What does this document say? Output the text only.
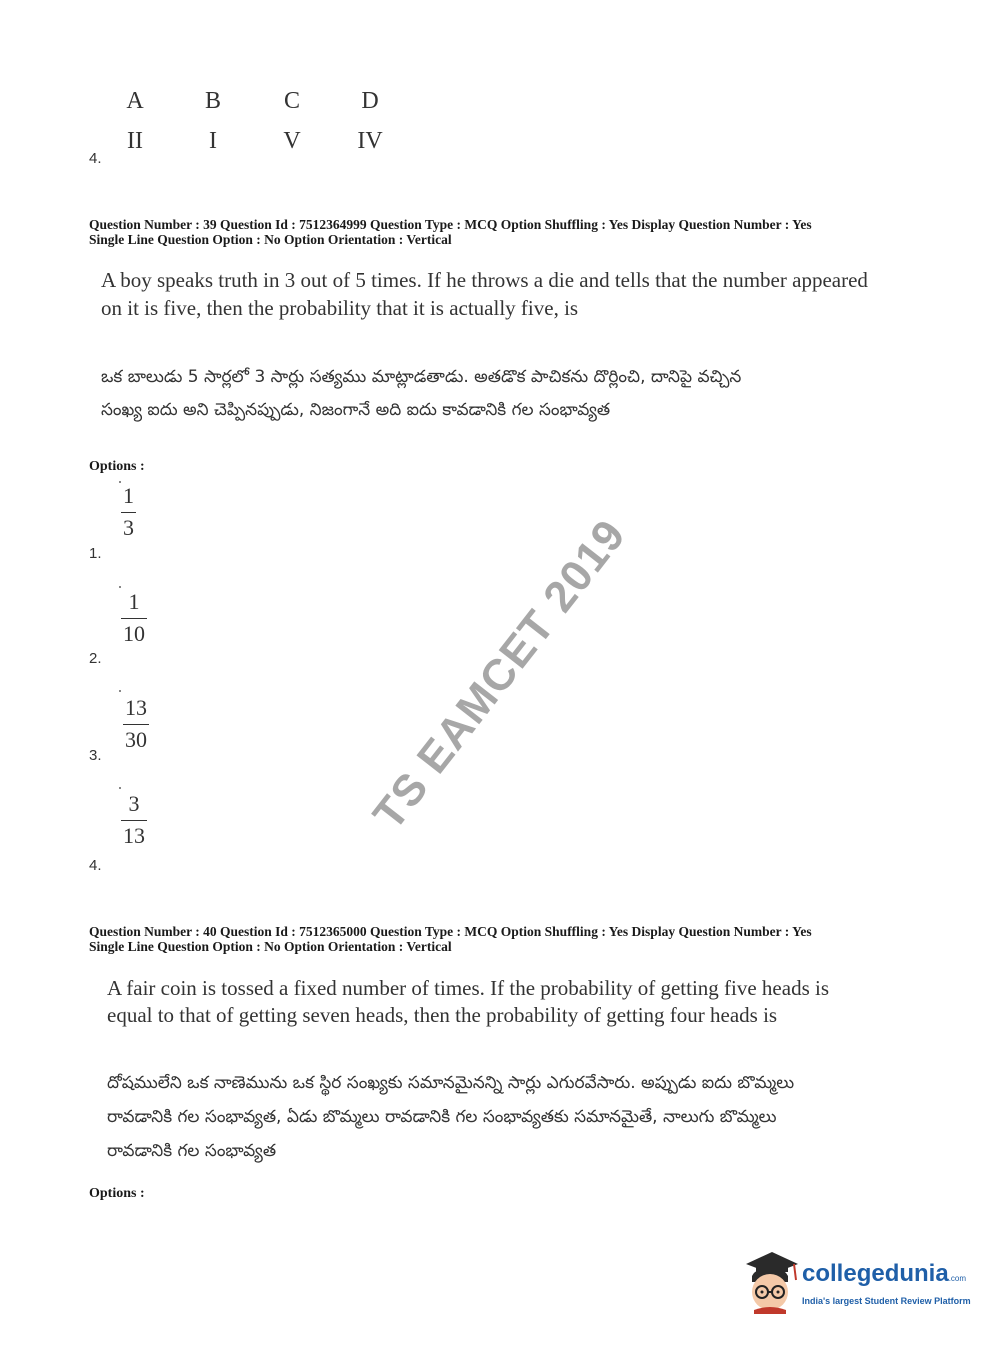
A	B	C	D
II	I	V	IV
4.
Question Number : 39 Question Id : 7512364999 Question Type : MCQ Option Shuffling : Yes Display Question Number : Yes
Single Line Question Option : No Option Orientation : Vertical
A boy speaks truth in 3 out of 5 times. If he throws a die and tells that the number appeared
on it is five, then the probability that it is actually five, is
ఒక బాలుడు 5 సార్లలో 3 సార్లు సత్యము మాట్లాడతాడు. అతడొక పాచికను దొర్లించి, దానిపై వచ్చిన
సంఖ్య ఐదు అని చెప్పినప్పుడు, నిజంగానే అది ఐదు కావడానికి గల సంభావ్యత
Options :
1
3
1.
1
10
2.
13
30
3.
3
13
4.
Question Number : 40 Question Id : 7512365000 Question Type : MCQ Option Shuffling : Yes Display Question Number : Yes
Single Line Question Option : No Option Orientation : Vertical
A fair coin is tossed a fixed number of times. If the probability of getting five heads is
equal to that of getting seven heads, then the probability of getting four heads is
దోషములేని ఒక నాణెమును ఒక స్థిర సంఖ్యకు సమానమైనన్ని సార్లు ఎగురవేసారు. అప్పుడు ఐదు బొమ్మలు
రావడానికి గల సంభావ్యత, ఏడు బొమ్మలు రావడానికి గల సంభావ్యతకు సమానమైతే, నాలుగు బొమ్మలు
రావడానికి గల సంభావ్యత
Options :
TS EAMCET 2019
collegedunia.com
India's largest Student Review Platform
